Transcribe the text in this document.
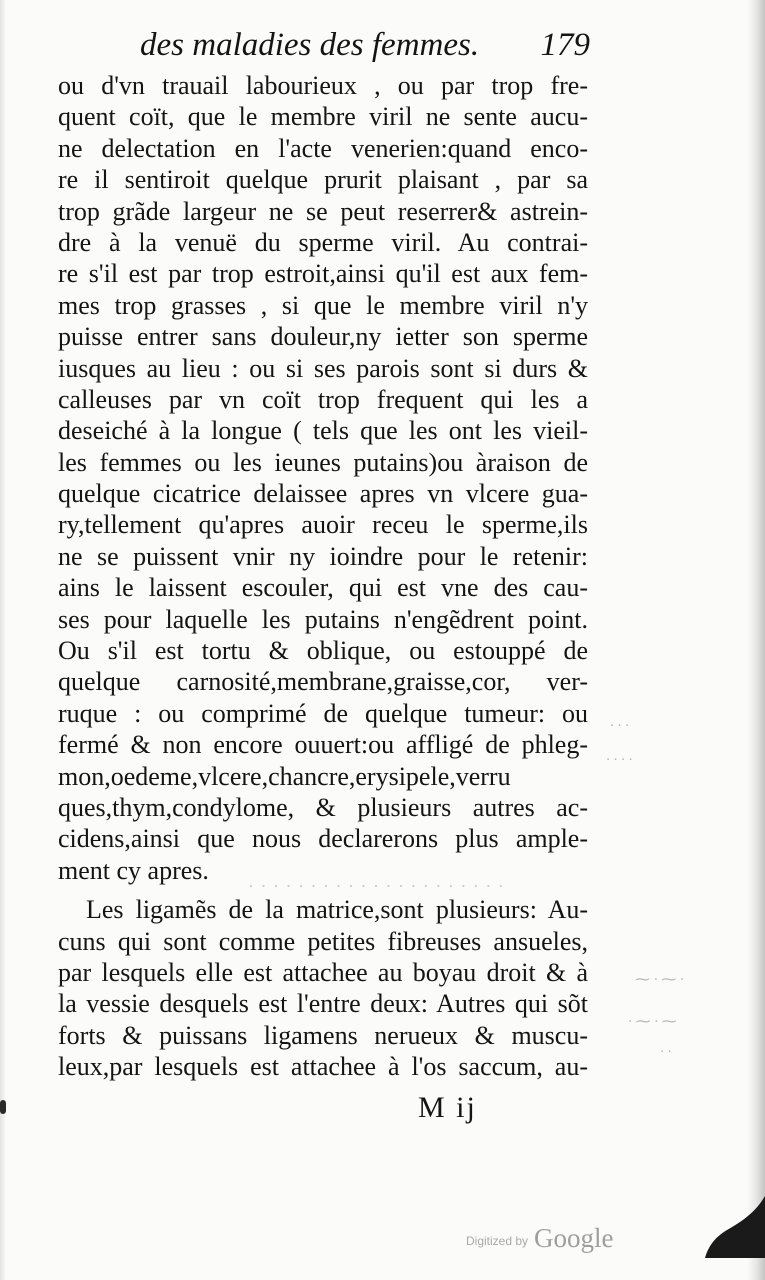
des maladies des femmes. 179
ou d'vn trauail labourieux , ou par trop fre-
quent coït, que le membre viril ne sente aucu-
ne delectation en l'acte venerien:quand enco-
re il sentiroit quelque prurit plaisant , par sa
trop grãde largeur ne se peut reserrer& astrein-
dre à la venuë du sperme viril. Au contrai-
re s'il est par trop estroit,ainsi qu'il est aux fem-
mes trop grasses , si que le membre viril n'y
puisse entrer sans douleur,ny ietter son sperme
iusques au lieu : ou si ses parois sont si durs &
calleuses par vn coït trop frequent qui les a
deseiché à la longue ( tels que les ont les vieil-
les femmes ou les ieunes putains)ou àraison de
quelque cicatrice delaissee apres vn vlcere gua-
ry,tellement qu'apres auoir receu le sperme,ils
ne se puissent vnir ny ioindre pour le retenir:
ains le laissent escouler, qui est vne des cau-
ses pour laquelle les putains n'engẽdrent point.
Ou s'il est tortu & oblique, ou estouppé de
quelque carnosité,membrane,graisse,cor, ver-
ruque : ou comprimé de quelque tumeur: ou
fermé & non encore ouuert:ou affligé de phleg-
mon,oedeme,vlcere,chancre,erysipele,verru
ques,thym,condylome, & plusieurs autres ac-
cidens,ainsi que nous declarerons plus ample-
ment cy apres.
Les ligamẽs de la matrice,sont plusieurs: Au-
cuns qui sont comme petites fibreuses ansueles,
par lesquels elle est attachee au boyau droit & à
la vessie desquels est l'entre deux: Autres qui sõt
forts & puissans ligamens nerueux & muscu-
leux,par lesquels est attachee à l'os saccum, au-
M ij
⁓ ∙ ⁓ ∙
∙ ⁓ ∙ ⁓
· ·
· · ·
· · · ·
· · · · · · · · · · · · · · · · · · · · ·
Digitized by Google
